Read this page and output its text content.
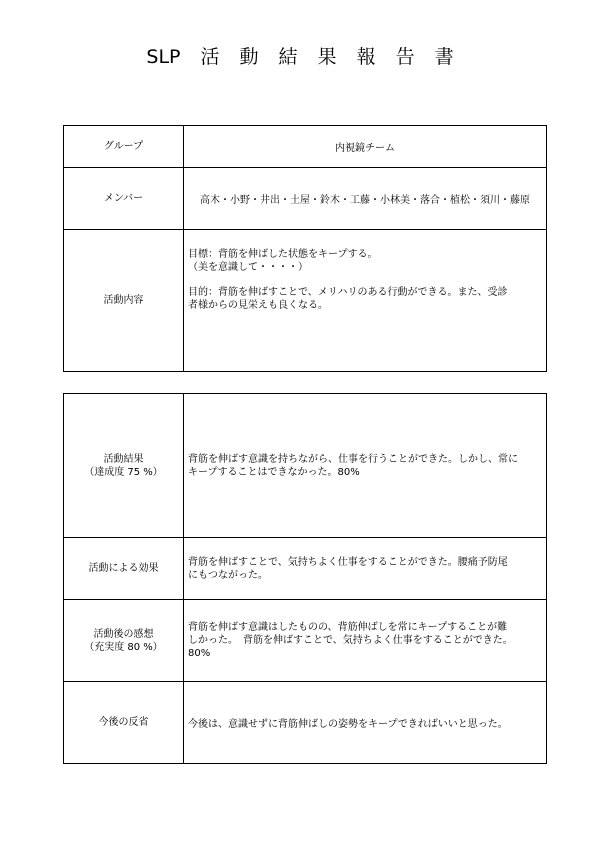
SLP 活 動 結 果 報 告 書
グループ	内視鏡チーム
メンバー	高木・小野・井出・土屋・鈴木・工藤・小林美・落合・植松・須川・藤原
活動内容	目標：背筋を伸ばした状態をキープする。
（美を意識して・・・・）
目的：背筋を伸ばすことで、メリハリのある行動ができる。また、受診
者様からの見栄えも良くなる。
活動結果
（達成度 75 %）	背筋を伸ばす意識を持ちながら、仕事を行うことができた。しかし、常に
キープすることはできなかった。80%

活動による効果	背筋を伸ばすことで、気持ちよく仕事をすることができた。腰痛予防尾
にもつながった。

活動後の感想
（充実度 80 %）	背筋を伸ばす意識はしたものの、背筋伸ばしを常にキープすることが難
しかった。　背筋を伸ばすことで、気持ちよく仕事をすることができた。
80%

今後の反省	今後は、意識せずに背筋伸ばしの姿勢をキープできればいいと思った。
